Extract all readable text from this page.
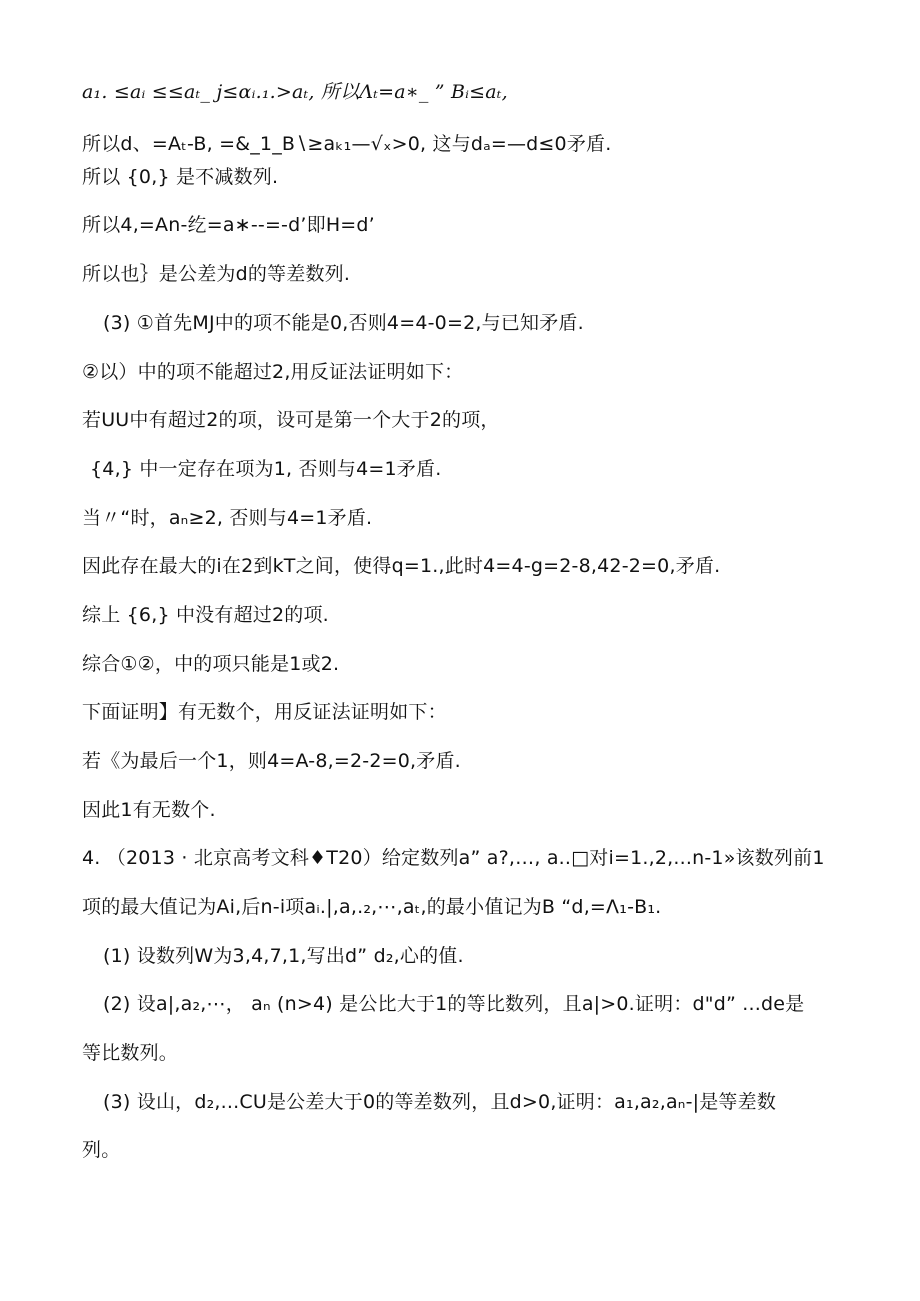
a₁. ≤aᵢ ≤≤aₜ_ j≤αᵢ.₁.>aₜ, 所以Λₜ=a∗_ ” Bᵢ≤aₜ,
所以d、=Aₜ-B, =&_1_B∖≥aₖ₁—√ₓ>0, 这与dₐ=—d≤0矛盾.
所以 {0,} 是不减数列.
所以4,=An-纥=a∗--=-d’即H=d’
所以也｝是公差为d的等差数列.
(3) ①首先MJ中的项不能是0,否则4=4-0=2,与已知矛盾.
②以）中的项不能超过2,用反证法证明如下：
若UU中有超过2的项，设可是第一个大于2的项，
{4,} 中一定存在项为1, 否则与4=1矛盾.
当〃“时，aₙ≥2, 否则与4=1矛盾.
因此存在最大的i在2到kT之间，使得q=1.,此时4=4-g=2-8,42-2=0,矛盾.
综上 {6,} 中没有超过2的项.
综合①②，中的项只能是1或2.
下面证明】有无数个，用反证法证明如下：
若《为最后一个1，则4=A-8,=2-2=0,矛盾.
因此1有无数个.
4. （2013 · 北京高考文科♦T20）给定数列a” a?,…, a..□对i=1.,2,...n-1»该数列前1
项的最大值记为Ai,后n-i项aᵢ.|,a,.₂,⋯,aₜ,的最小值记为B “d,=Λ₁-B₁.
(1) 设数列W为3,4,7,1,写出d” d₂,心的值.
(2) 设a|,a₂,⋯， aₙ (n>4) 是公比大于1的等比数列，且a|>0.证明：d"d” ...de是
等比数列。
(3) 设山，d₂,...CU是公差大于0的等差数列，且d>0,证明：a₁,a₂,aₙ-|是等差数
列。
